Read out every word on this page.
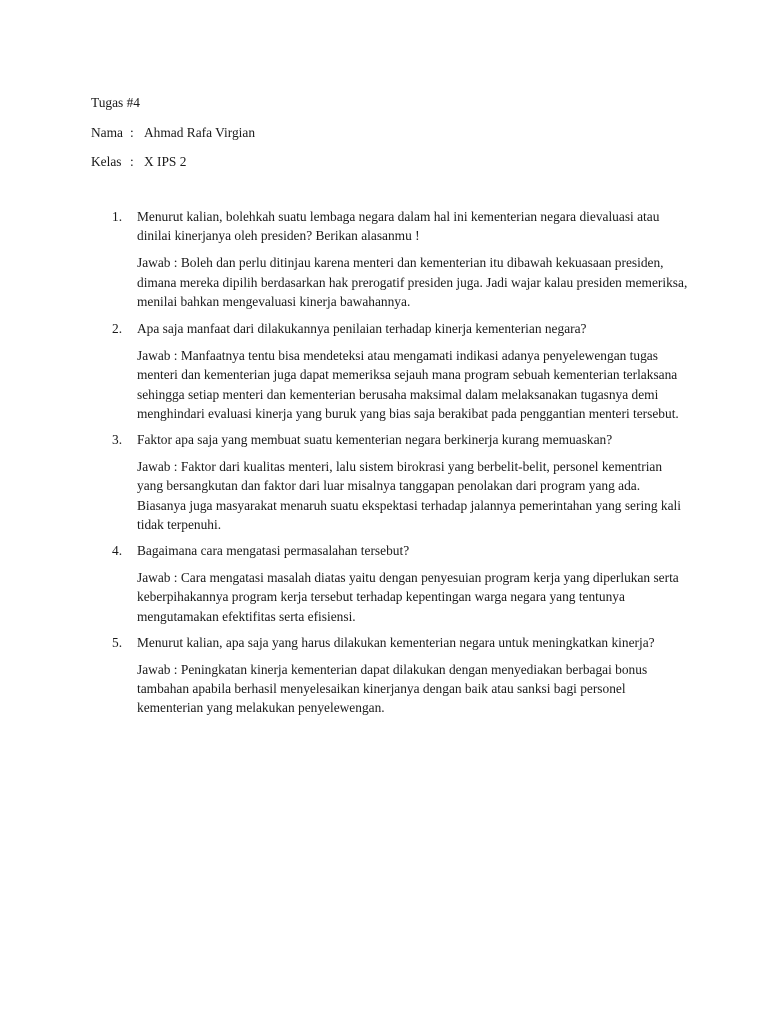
Tugas #4
Nama : Ahmad Rafa Virgian
Kelas : X IPS 2
1. Menurut kalian, bolehkah suatu lembaga negara dalam hal ini kementerian negara dievaluasi atau dinilai kinerjanya oleh presiden? Berikan alasanmu !

Jawab : Boleh dan perlu ditinjau karena menteri dan kementerian itu dibawah kekuasaan presiden, dimana mereka dipilih berdasarkan hak prerogatif presiden juga. Jadi wajar kalau presiden memeriksa, menilai bahkan mengevaluasi kinerja bawahannya.

2. Apa saja manfaat dari dilakukannya penilaian terhadap kinerja kementerian negara?

Jawab : Manfaatnya tentu bisa mendeteksi atau mengamati indikasi adanya penyelewengan tugas menteri dan kementerian juga dapat memeriksa sejauh mana program sebuah kementerian terlaksana sehingga setiap menteri dan kementerian berusaha maksimal dalam melaksanakan tugasnya demi menghindari evaluasi kinerja yang buruk yang bias saja berakibat pada penggantian menteri tersebut.

3. Faktor apa saja yang membuat suatu kementerian negara berkinerja kurang memuaskan?

Jawab : Faktor dari kualitas menteri, lalu sistem birokrasi yang berbelit-belit, personel kementrian yang bersangkutan dan faktor dari luar misalnya tanggapan penolakan dari program yang ada. Biasanya juga masyarakat menaruh suatu ekspektasi terhadap jalannya pemerintahan yang sering kali tidak terpenuhi.

4. Bagaimana cara mengatasi permasalahan tersebut?

Jawab : Cara mengatasi masalah diatas yaitu dengan penyesuian program kerja yang diperlukan serta keberpihakannya program kerja tersebut terhadap kepentingan warga negara yang tentunya mengutamakan efektifitas serta efisiensi.

5. Menurut kalian, apa saja yang harus dilakukan kementerian negara untuk meningkatkan kinerja?

Jawab : Peningkatan kinerja kementerian dapat dilakukan dengan menyediakan berbagai bonus tambahan apabila berhasil menyelesaikan kinerjanya dengan baik atau sanksi bagi personel kementerian yang melakukan penyelewengan.
